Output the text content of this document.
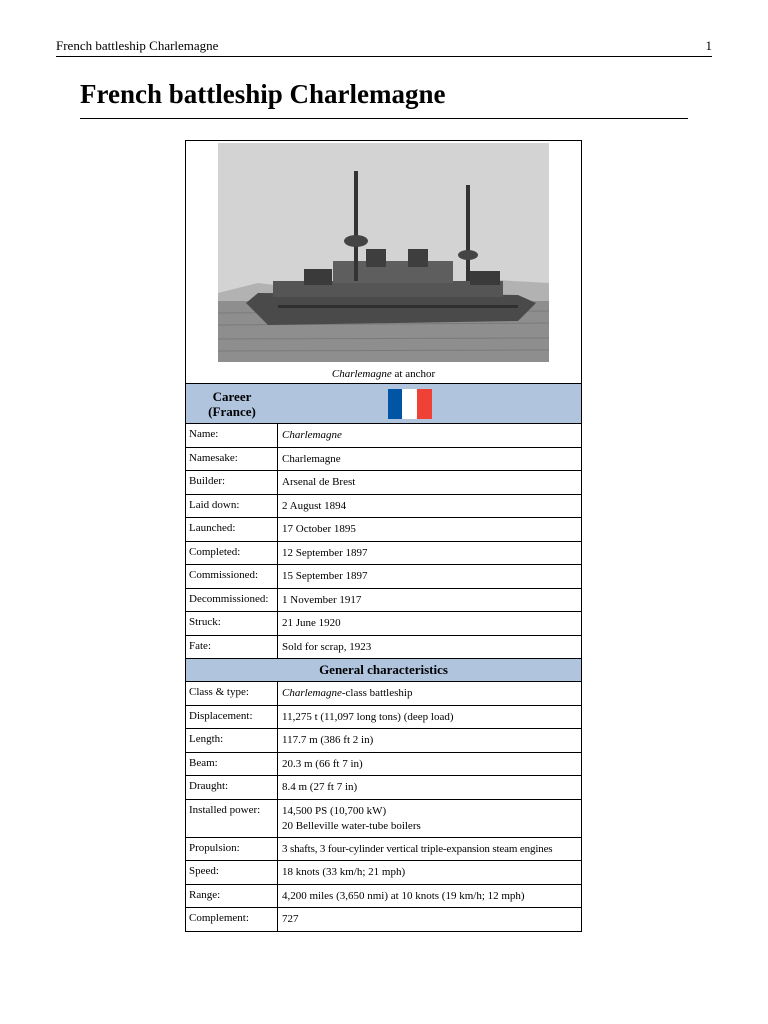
French battleship Charlemagne	1
French battleship Charlemagne
Charlemagne at anchor
Career
(France)
Name:	Charlemagne
Namesake:	Charlemagne
Builder:	Arsenal de Brest
Laid down:	2 August 1894
Launched:	17 October 1895
Completed:	12 September 1897
Commissioned:	15 September 1897
Decommissioned:	1 November 1917
Struck:	21 June 1920
Fate:	Sold for scrap, 1923
General characteristics
Class & type:	Charlemagne-class battleship
Displacement:	11,275 t (11,097 long tons) (deep load)
Length:	117.7 m (386 ft 2 in)
Beam:	20.3 m (66 ft 7 in)
Draught:	8.4 m (27 ft 7 in)
Installed power:	14,500 PS (10,700 kW)
20 Belleville water-tube boilers
Propulsion:	3 shafts, 3 four-cylinder vertical triple-expansion steam engines
Speed:	18 knots (33 km/h; 21 mph)
Range:	4,200 miles (3,650 nmi) at 10 knots (19 km/h; 12 mph)
Complement:	727
